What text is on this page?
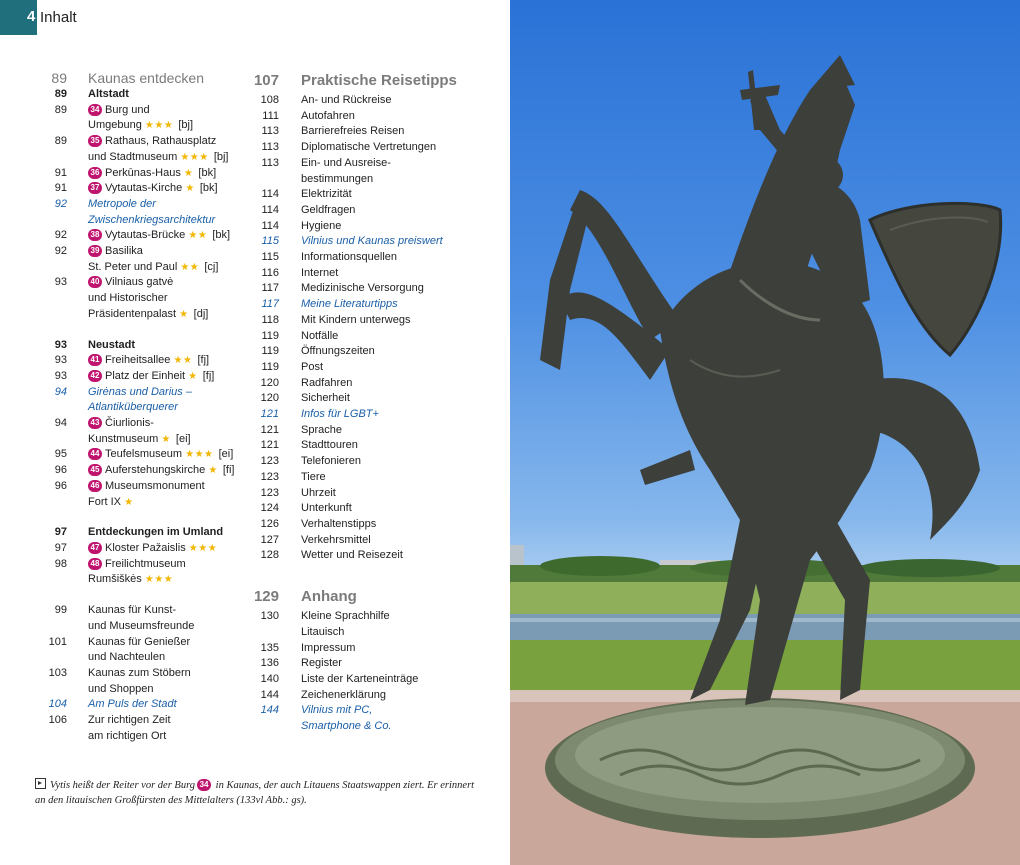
4 Inhalt
89	Kaunas entdecken
89	Altstadt
89	34 Burg und
Umgebung ★★★ [bj]
89	35 Rathaus, Rathausplatz
und Stadtmuseum ★★★ [bj]
91	36 Perkūnas-Haus ★ [bk]
91	37 Vytautas-Kirche ★ [bk]
92	Metropole der
Zwischenkriegsarchitektur
92	38 Vytautas-Brücke ★★ [bk]
92	39 Basilika
St. Peter und Paul ★★ [cj]
93	40 Vilniaus gatvė
und Historischer
Präsidentenpalast ★ [dj]
93	Neustadt
93	41 Freiheitsallee ★★ [fj]
93	42 Platz der Einheit ★ [fj]
94	Girėnas und Darius –
Atlantiküberquerer
94	43 Čiurlionis-
Kunstmuseum ★ [ei]
95	44 Teufelsmuseum ★★★ [ei]
96	45 Auferstehungskirche ★ [fi]
96	46 Museumsmonument
Fort IX ★
97	Entdeckungen im Umland
97	47 Kloster Pažaislis ★★★
98	48 Freilichtmuseum
Rumšiškės ★★★
99	Kaunas für Kunst-
und Museumsfreunde
101	Kaunas für Genießer
und Nachteulen
103	Kaunas zum Stöbern
und Shoppen
104	Am Puls der Stadt
106	Zur richtigen Zeit
am richtigen Ort
107	Praktische Reisetipps
108	An- und Rückreise
111	Autofahren
113	Barrierefreies Reisen
113	Diplomatische Vertretungen
113	Ein- und Ausreise-
bestimmungen
114	Elektrizität
114	Geldfragen
114	Hygiene
115	Vilnius und Kaunas preiswert
115	Informationsquellen
116	Internet
117	Medizinische Versorgung
117	Meine Literaturtipps
118	Mit Kindern unterwegs
119	Notfälle
119	Öffnungszeiten
119	Post
120	Radfahren
120	Sicherheit
121	Infos für LGBT+
121	Sprache
121	Stadttouren
123	Telefonieren
123	Tiere
123	Uhrzeit
124	Unterkunft
126	Verhaltenstipps
127	Verkehrsmittel
128	Wetter und Reisezeit
129	Anhang
130	Kleine Sprachhilfe
Litauisch
135	Impressum
136	Register
140	Liste der Karteneinträge
144	Zeichenerklärung
144	Vilnius mit PC,
Smartphone & Co.
Vytis heißt der Reiter vor der Burg 34 in Kaunas, der auch Litauens Staatswappen ziert. Er erinnert an den litauischen Großfürsten des Mittelalters (133vl Abb.: gs).
